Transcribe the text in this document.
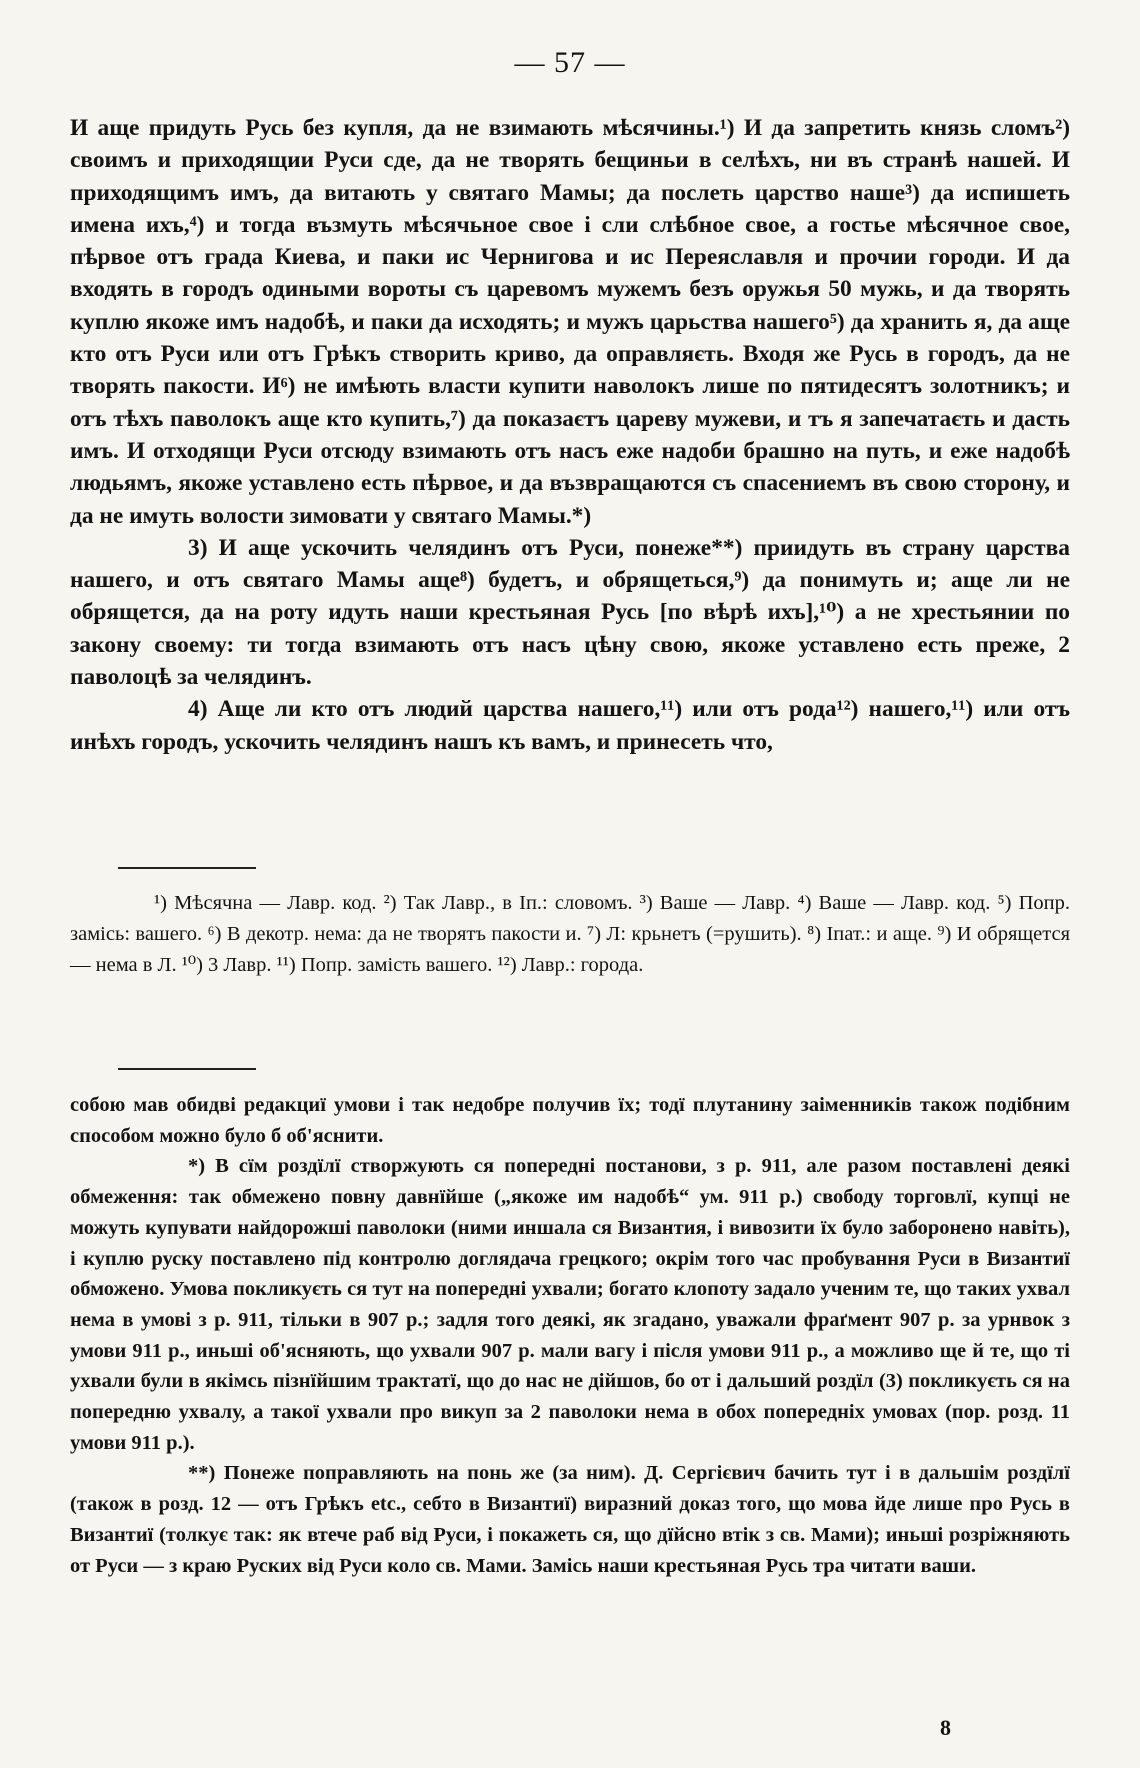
— 57 —

И аще придуть Русь без купля, да не взимають мѣсячины.¹) И да запретить князь сломъ²) своимъ и приходящии Руси сде, да не творять бещиньи в селѣхъ, ни въ странѣ нашей. И приходящимъ имъ, да витають у святаго Мамы; да послеть царство наше³) да испишеть имена ихъ,⁴) и тогда възмуть мѣсячьное свое і сли слѣбное свое, а гостье мѣсячное свое, пѣрвое отъ града Киева, и паки ис Чернигова и ис Переяславля и прочии городи. И да входять в городъ одиными вороты съ царевомъ мужемъ безъ оружья 50 мужь, и да творять куплю якоже имъ надобѣ, и паки да исходять; и мужъ царьства нашего⁵) да хранить я, да аще кто отъ Руси или отъ Грѣкъ створить криво, да оправляєть. Входя же Русь в городъ, да не творять пакости. И⁶) не имѣють власти купити наволокъ лише по пятидесятъ золотникъ; и отъ тѣхъ паволокъ аще кто купить,⁷) да показаєтъ цареву мужеви, и тъ я запечатаєть и дасть имъ. И отходящи Руси отсюду взимають отъ насъ еже надоби брашно на путь, и еже надобѣ людьямъ, якоже уставлено есть пѣрвое, и да възвращаются съ спасениемъ въ свою сторону, и да не имуть волости зимовати у святаго Мамы.*)

3) И аще ускочить челядинъ отъ Руси, понеже**) приидуть въ страну царства нашего, и отъ святаго Мамы аще⁸) будетъ, и обрящеться,⁹) да понимуть и; аще ли не обрящется, да на роту идуть наши крестьяная Русь [по вѣрѣ ихъ],¹⁰) а не хрестьянии по закону своему: ти тогда взимають отъ насъ цѣну свою, якоже уставлено есть преже, 2 паволоцѣ за челядинъ.

4) Аще ли кто отъ людий царства нашего,¹¹) или отъ рода¹²) нашего,¹¹) или отъ инѣхъ городъ, ускочить челядинъ нашъ къ вамъ, и принесеть что,

¹) Мѣсячна — Лавр. код. ²) Так Лавр., в Іп.: словомъ. ³) Ваше — Лавр. ⁴) Ваше — Лавр. код. ⁵) Попр. замісь: вашего. ⁶) В декотр. нема: да не творятъ пакости и. ⁷) Л: крьнетъ (=рушить). ⁸) Іпат.: и аще. ⁹) И обрящется — нема в Л. ¹⁰) 3 Лавр. ¹¹) Попр. замість вашего. ¹²) Лавр.: города.

собою мав обидві редакциї умови і так недобре получив їх; тодї плутанину заіменників також подібним способом можно було б об'яснити.

*) В сїм роздїлї створжують ся попередні постанови, з р. 911, але разом поставлені деякі обмеження: так обмежено повну давнїйше („якоже им надобѣ“ ум. 911 р.) свободу торговлї, купці не можуть купувати найдорожші паволоки (ними иншала ся Византия, і вивозити їх було заборонено навіть), і куплю руску поставлено під контролю доглядача грецкого; окрім того час пробування Руси в Византиї обможено. Умова покликуєть ся тут на попередні ухвали; богато клопоту задало ученим те, що таких ухвал нема в умові з р. 911, тільки в 907 р.; задля того деякі, як згадано, уважали фраґмент 907 р. за урнвок з умови 911 р., иньші об'ясняють, що ухвали 907 р. мали вагу і після умови 911 р., а можливо ще й те, що ті ухвали були в якімсь пізнїйшим трактатї, що до нас не дійшов, бо от і дальший роздїл (3) покликуєть ся на попередню ухвалу, а такої ухвали про викуп за 2 паволоки нема в обох попередніх умовах (пор. розд. 11 умови 911 р.).

**) Понеже поправляють на понь же (за ним). Д. Сергієвич бачить тут і в дальшім роздїлї (також в розд. 12 — отъ Грѣкъ etc., себто в Византиї) виразний доказ того, що мова йде лише про Русь в Византиї (толкує так: як втече раб від Руси, і покажеть ся, що дїйсно втік з св. Мами); иньші розріжняють от Руси — з краю Руских від Руси коло св. Мами. Замісь наши крестьяная Русь тра читати ваши.

8
